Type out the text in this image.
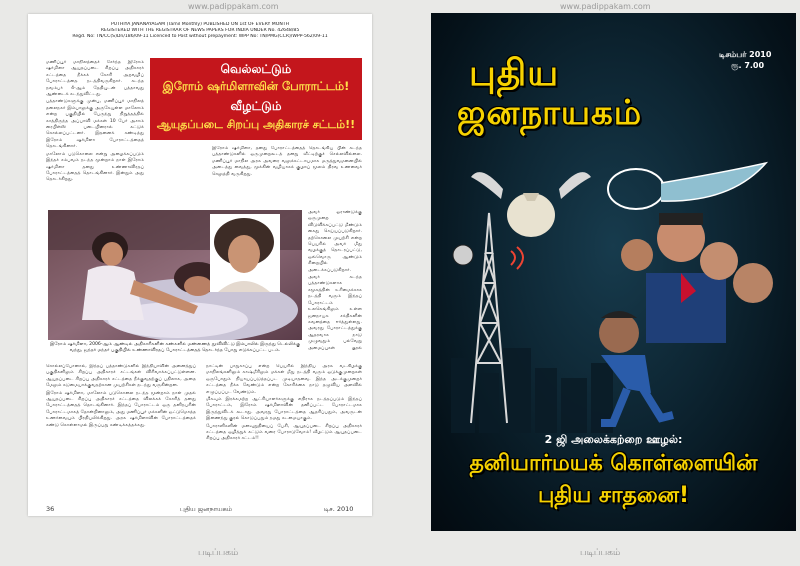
www.padippakam.com	www.padippakam.com
PUTHIYA JANANAYAGAM (Tamil Monthly) PUBLISHED ON 1st OF EVERY MONTH
REGISTERED WITH THE REGISTRAR OF NEWS PAPERS FOR INDIA UNDER No. 42648/85
Regd. No: TN/CC(S)Dn/186/09-11 Licenced to Post without prepayment: WPP No: TN/PMG(CCR)/WPP-562/09-11

மணிப்பூர் மாநிலத்தைச் சேர்ந்த இரோம் ஷர்மிளா ஆயுதப்படை சிறப்பு அதிகாரச் சட்டத்தை நீக்கக் கோரி அறவழிப் போராட்டத்தை நடத்திவருகிறார். கடந்த நவம்பர் 4-ஆம் தேதியுடன் பத்தாவது ஆண்டைக் கடந்துவிட்டது.

பத்தாண்டுகளுக்கு முன்பு, மணிப்பூர் மாநிலத் தலைநகர் இம்பாலுக்கு அருகேயுள்ள மாலோம் என்ற பகுதியில் பேருந்து நிறுத்தத்தில் காத்திருந்த அப்பாவி மக்கள் 10 பேர் அசாம் ரைபிள்ஸ் படையினரால் சுட்டுக் கொல்லப்பட்டனர். இதனைக் கண்டித்து இரோம் ஷர்மிளா போராட்டத்தைத் தொடங்கினார்.

மாலோம் படுகொலை என்று அழைக்கப்படும் இந்தச் சம்பவம் நடந்த மூன்றாம் நாள் இரோம் ஷர்மிளா தனது உண்ணாவிரதப் போராட்டத்தைத் தொடங்கினார். இன்றும் அது தொடர்கிறது.

வெல்லட்டும்
இரோம் ஷர்மிளாவின் போராட்டம்!
வீழட்டும்
ஆயுதப்படை சிறப்பு அதிகாரச் சட்டம்!!

இரோம் ஷர்மிளா, தனது போராட்டத்தைத் தொடங்கிய பின் கடந்த பத்தாண்டுகளில் ஒருமுறைகூடத் தனது வீட்டிற்குச் செல்லவில்லை. மணிப்பூர் மாநில அரசு அவரை வலுக்கட்டாயமாக மருத்துவமனையில் அடைத்து வைத்து, மூக்கின் வழியாகக் குழாய் மூலம் திரவ உணவைச் செலுத்தி வருகிறது.

அவர் ஓராண்டுக்கு ஒருமுறை விடுவிக்கப்பட்டு மீண்டும் கைது செய்யப்படுகிறார். தற்கொலை முயற்சி என்ற பெயரில் அவர் மீது வழக்குத் தொடரப்பட்டு, ஒவ்வொரு ஆண்டும் சிறையில் அடைக்கப்படுகிறார்.

அவர் கடந்த பத்தாண்டுகளாக சமூகத்தின் உரிமைக்காக நடத்தி வரும் இந்தப் போராட்டம் உலகெங்கிலும் உள்ள ஜனநாயக சக்திகளின் கவனத்தை ஈர்த்துள்ளது. அவரது போராட்டத்துக்கு ஆதரவாக நாடு முழுவதும் பல்வேறு அமைப்புகள் குரல்

இரோம் ஷர்மிளா, 2006-ஆம் ஆண்டில் அதிகாரிகளின் கண்களில் மண்ணைத் தூவிவிட்டு இம்பாலில் இருந்து டெல்லிக்கு வந்து, ஜந்தர் மந்தர் பகுதியில் உண்ணாவிரதப் போராட்டத்தைத் தொடர்ந்த போது எடுக்கப்பட்ட படம்.

சொல்லப்போனால், இந்தப் பத்தாண்டுகளில் இந்தியாவின் அனைத்துப் பகுதிகளிலும் சிறப்பு அதிகாரச் சட்டங்கள் விரிவாக்கப்பட்டுள்ளன. ஆயுதப்படை சிறப்பு அதிகாரச் சட்டத்தை நீக்குவதற்குப் பதிலாக, அதை மேலும் கடுமையாக்குவதற்கான முயற்சிகள் நடந்து வருகின்றன.

இரோம் ஷர்மிளா, மாலோம் படுகொலை நடந்த மூன்றாம் நாள் முதல் ஆயுதப்படை சிறப்பு அதிகாரச் சட்டத்தை விலக்கக் கோரித் தனது போராட்டத்தைத் தொடங்கினார். இந்தப் போராட்டம் ஒரு தனிநபரின் போராட்டமாகத் தோன்றினாலும், அது மணிப்பூர் மக்களின் ஒட்டுமொத்த உணர்வையும் பிரதிபலிக்கிறது. அரசு ஷர்மிளாவின் போராட்டத்தைக் கண்டு கொள்ளாமல் இருப்பது கண்டிக்கத்தக்கது.

நாட்டின் பாதுகாப்பு என்ற பெயரில் இந்திய அரசு வடகிழக்கு மாநிலங்களிலும் காஷ்மீரிலும் மக்கள் மீது நடத்தி வரும் ஒடுக்குமுறைகள் ஒருபோதும் நியாயப்படுத்தப்பட முடியாதவை. இந்த அடக்குமுறைச் சட்டத்தை நீக்க வேண்டும் என்ற கோரிக்கை நாடு தழுவிய அளவில் எழுப்பப்பட வேண்டும்.

மிகவும் இரக்கமற்ற ஆட்சியாளர்களுக்கு எதிராக நடத்தப்படும் இந்தப் போராட்டம், இரோம் ஷர்மிளாவின் தனிப்பட்ட போராட்டமாக இருந்துவிடக் கூடாது. அவரது போராட்டத்தை ஆதரிப்பதும், அவருடன் இணைந்து குரல் கொடுப்பதும் நமது கடமையாகும்.

போராளிகளின் மனவுறுதியைப் பேசி, ஆயுதப்படை சிறப்பு அதிகாரச் சட்டத்தை ஒழித்துக் கட்டும் வரை போராடுவோம்! வீழட்டும் ஆயுதப்படை சிறப்பு அதிகாரச் சட்டம்!!

36	புதிய ஜனநாயகம்	டிச. 2010
புதிய
ஜனநாயகம்
டிசம்பர் 2010
ரூ. 7.00
2 ஜி அலைக்கற்றை ஊழல்:
தனியார்மயக் கொள்ளையின்
புதிய சாதனை!
படிப்பகம்	படிப்பகம்
